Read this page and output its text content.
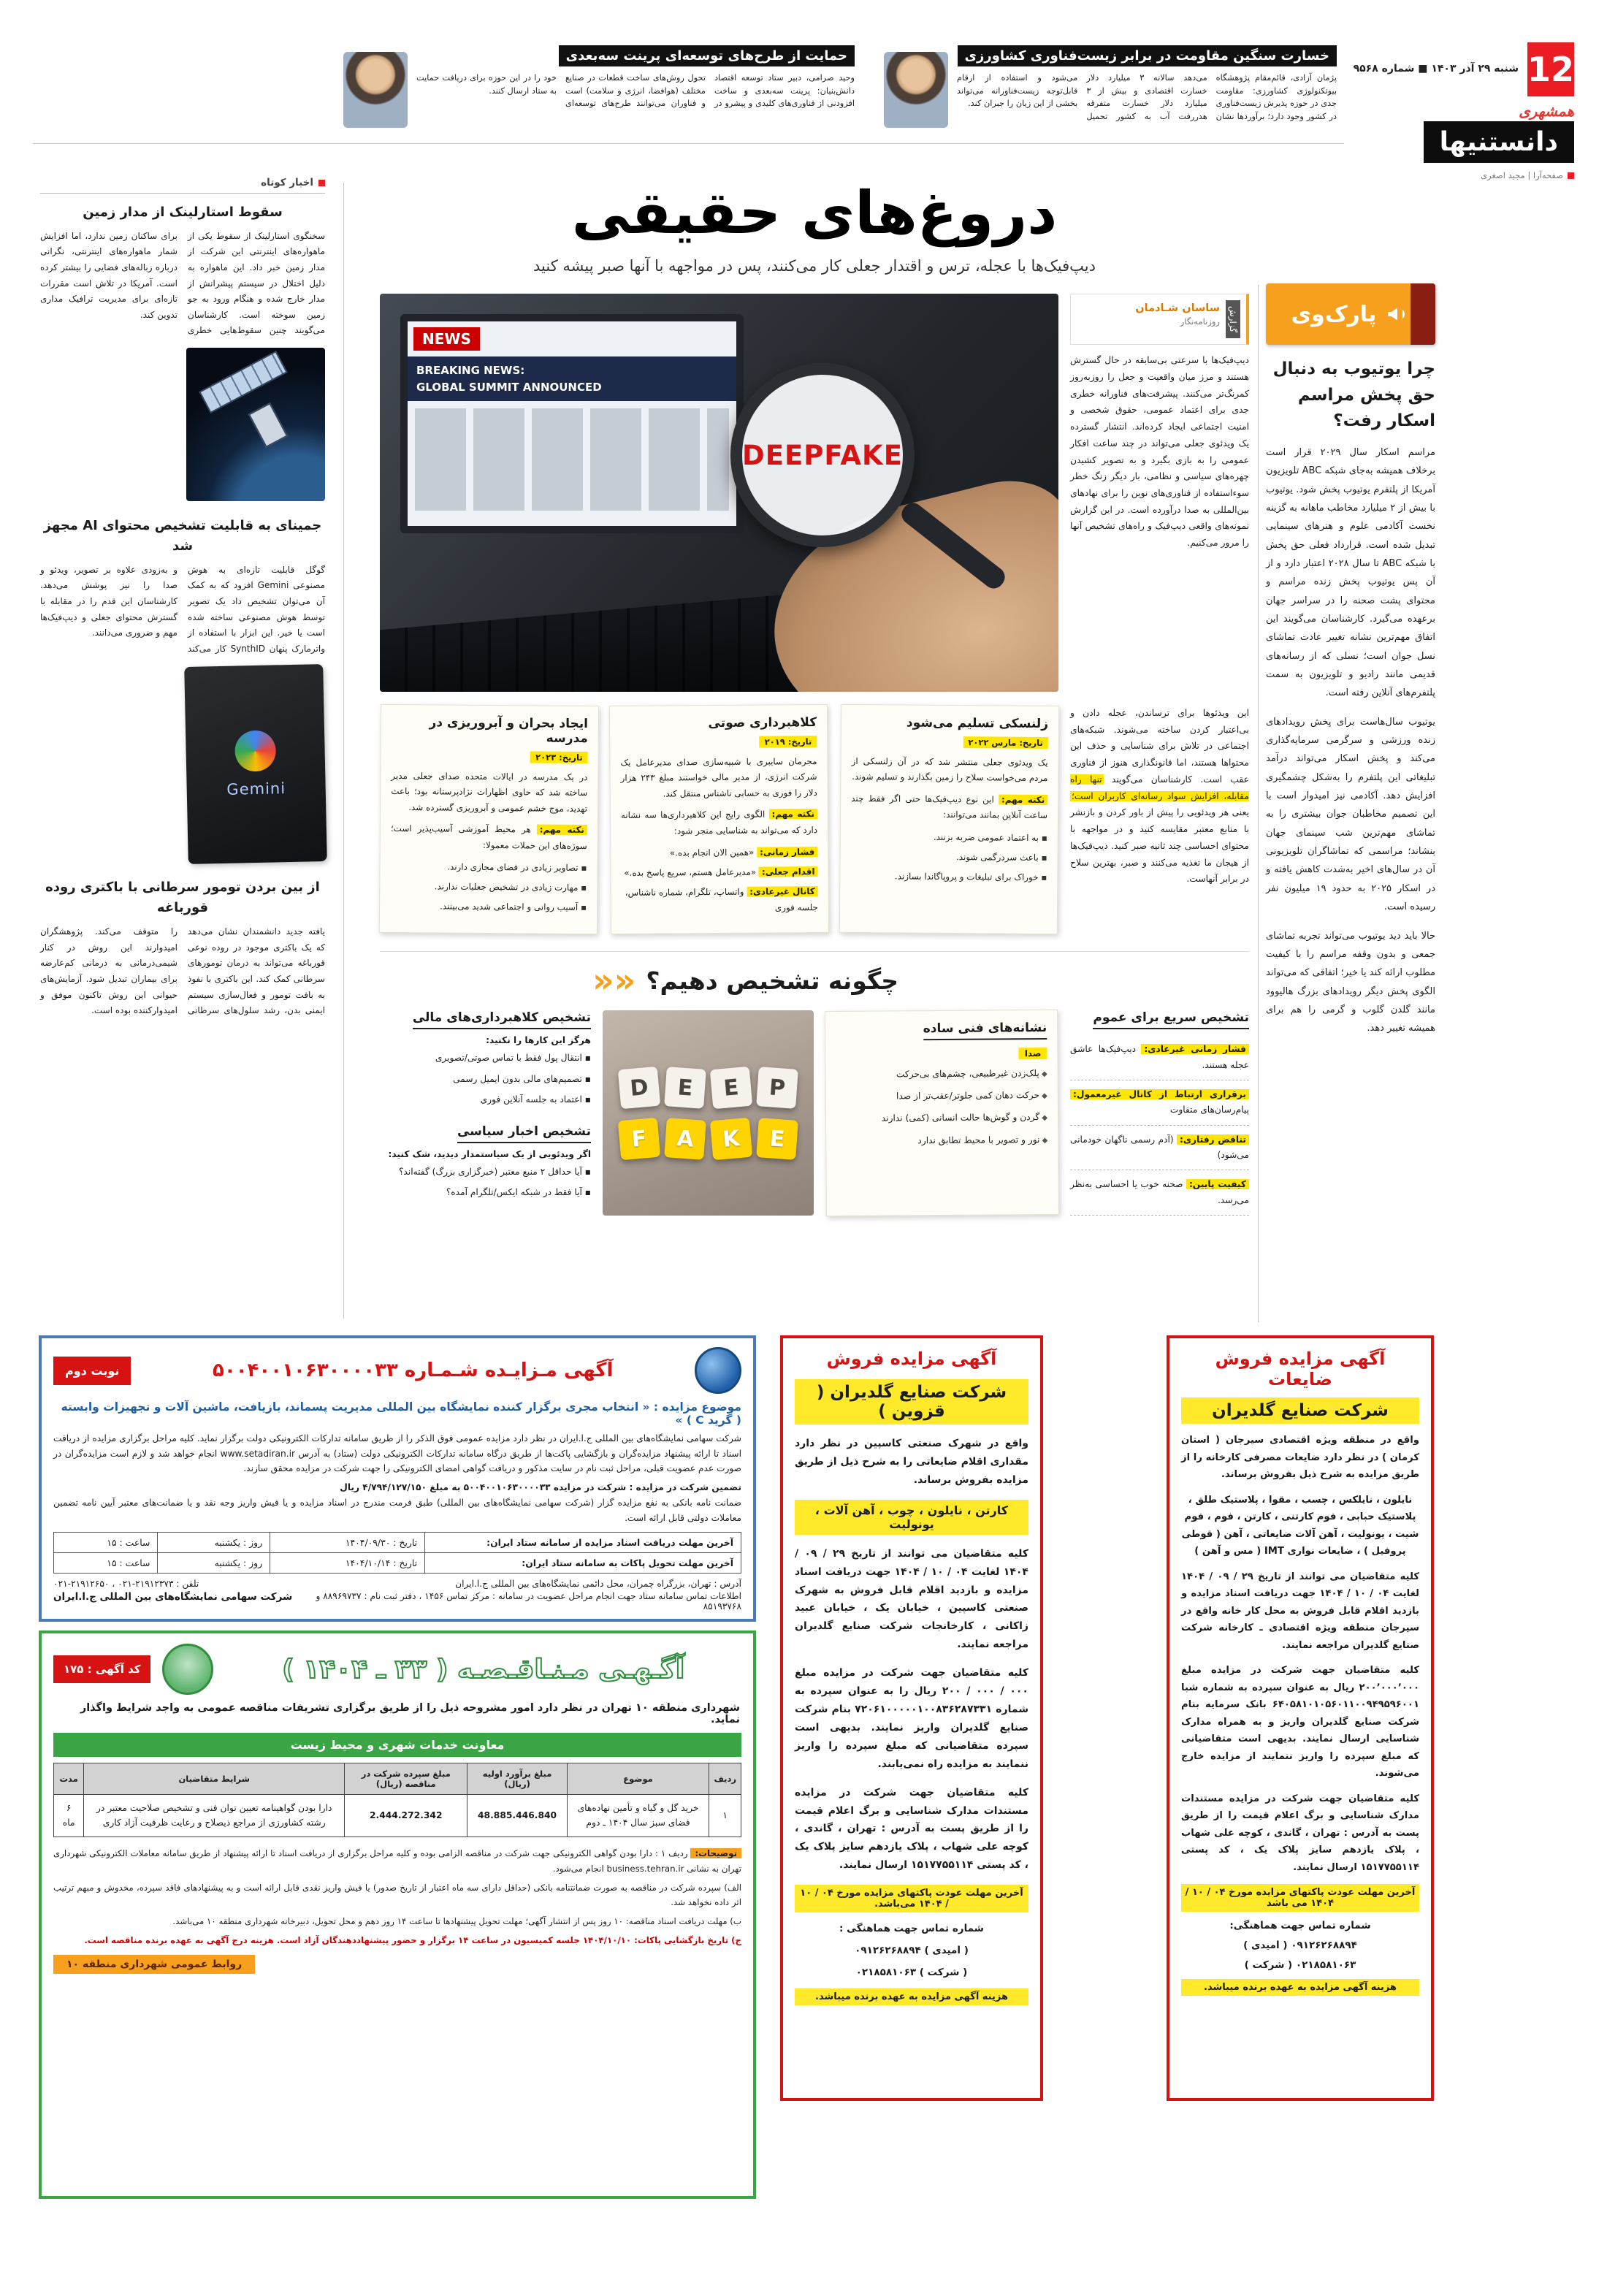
12
شنبه ۲۹ آذر ۱۴۰۳ ■ شماره ۹۵۶۸
همشهری
دانستنیها
صفحه‌آرا | مجید اصغری
خسارت سنگین مقاومت در برابر زیست‌فناوری کشاورزی
پژمان آزادی، قائم‌مقام پژوهشگاه بیوتکنولوژی کشاورزی: مقاومت جدی در حوزه پذیرش زیست‌فناوری در کشور وجود دارد؛ برآوردها نشان می‌دهد سالانه ۳ میلیارد دلار خسارت اقتصادی و بیش از ۳ میلیارد دلار خسارت متفرقه هدررفت آب به کشور تحمیل می‌شود و استفاده از ارقام قابل‌توجه زیست‌فناورانه می‌تواند بخشی از این زیان را جبران کند.
حمایت از طرح‌های توسعه‌ای پرینت سه‌بعدی
وحید صرامی، دبیر ستاد توسعه اقتصاد دانش‌بنیان: پرینت سه‌بعدی و ساخت افزودنی از فناوری‌های کلیدی و پیشرو در تحول روش‌های ساخت قطعات در صنایع مختلف (هوافضا، انرژی و سلامت) است و فناوران می‌توانند طرح‌های توسعه‌ای خود را در این حوزه برای دریافت حمایت به ستاد ارسال کنند.
پارک‌وی
چرا یوتیوب به دنبال حق پخش مراسم اسکار رفت؟

مراسم اسکار سال ۲۰۲۹ قرار است برخلاف همیشه به‌جای شبکه ABC تلویزیون آمریکا از پلتفرم یوتیوب پخش شود. یوتیوب با بیش از ۲ میلیارد مخاطب ماهانه به گزینه نخست آکادمی علوم و هنرهای سینمایی تبدیل شده است. قرارداد فعلی حق پخش با شبکه ABC تا سال ۲۰۲۸ اعتبار دارد و از آن پس یوتیوب پخش زنده مراسم و محتوای پشت صحنه را در سراسر جهان برعهده می‌گیرد. کارشناسان می‌گویند این اتفاق مهم‌ترین نشانه تغییر عادت تماشای نسل جوان است؛ نسلی که از رسانه‌های قدیمی مانند رادیو و تلویزیون به سمت پلتفرم‌های آنلاین رفته است.

یوتیوب سال‌هاست برای پخش رویدادهای زنده ورزشی و سرگرمی سرمایه‌گذاری می‌کند و پخش اسکار می‌تواند درآمد تبلیغاتی این پلتفرم را به‌شکل چشمگیری افزایش دهد. آکادمی نیز امیدوار است با این تصمیم مخاطبان جوان بیشتری را به تماشای مهم‌ترین شب سینمای جهان بنشاند؛ مراسمی که تماشاگران تلویزیونی آن در سال‌های اخیر به‌شدت کاهش یافته و در اسکار ۲۰۲۵ به حدود ۱۹ میلیون نفر رسیده است.

حالا باید دید یوتیوب می‌تواند تجربه تماشای جمعی و بدون وقفه مراسم را با کیفیت مطلوب ارائه کند یا خیر؛ اتفاقی که می‌تواند الگوی پخش دیگر رویدادهای بزرگ هالیوود مانند گلدن گلوب و گرمی را هم برای همیشه تغییر دهد.

دروغ‌های حقیقی
دیپ‌فیک‌ها با عجله، ترس و اقتدار جعلی کار می‌کنند، پس در مواجهه با آنها صبر پیشه کنید
گزارش
ساسان شـادمان
روزنامه‌نگار

دیپ‌فیک‌ها با سرعتی بی‌سابقه در حال گسترش هستند و مرز میان واقعیت و جعل را روزبه‌روز کمرنگ‌تر می‌کنند. پیشرفت‌های فناورانه خطری جدی برای اعتماد عمومی، حقوق شخصی و امنیت اجتماعی ایجاد کرده‌اند. انتشار گسترده یک ویدئوی جعلی می‌تواند در چند ساعت افکار عمومی را به بازی بگیرد و به تصویر کشیدن چهره‌های سیاسی و نظامی، بار دیگر زنگ خطر سوءاستفاده از فناوری‌های نوین را برای نهادهای بین‌المللی به صدا درآورده است. در این گزارش نمونه‌های واقعی دیپ‌فیک و راه‌های تشخیص آنها را مرور می‌کنیم.

NEWS
BREAKING NEWS:
GLOBAL SUMMIT ANNOUNCED
DEEPFAKE

این ویدئوها برای ترساندن، عجله دادن و بی‌اعتبار کردن ساخته می‌شوند. شبکه‌های اجتماعی در تلاش برای شناسایی و حذف این محتواها هستند، اما قانونگذاری هنوز از فناوری عقب است. کارشناسان می‌گویند تنها راه مقابله، افزایش سواد رسانه‌ای کاربران است؛ یعنی هر ویدئویی را پیش از باور کردن و بازنشر با منابع معتبر مقایسه کنید و در مواجهه با محتوای احساسی چند ثانیه صبر کنید. دیپ‌فیک‌ها از هیجان ما تغذیه می‌کنند و صبر، بهترین سلاح در برابر آنهاست.

زلنسکی تسلیم می‌شود
تاریخ: مارس ۲۰۲۲

یک ویدئوی جعلی منتشر شد که در آن زلنسکی از مردم می‌خواست سلاح را زمین بگذارند و تسلیم شوند.

نکته مهم: این نوع دیپ‌فیک‌ها حتی اگر فقط چند ساعت آنلاین بمانند می‌توانند:

▪ به اعتماد عمومی ضربه بزنند.
▪ باعث سردرگمی شوند.
▪ خوراک برای تبلیغات و پروپاگاندا بسازند.
کلاهبرداری صوتی
تاریخ: ۲۰۱۹

مجرمان سایبری با شبیه‌سازی صدای مدیرعامل یک شرکت انرژی، از مدیر مالی خواستند مبلغ ۲۴۳ هزار دلار را فوری به حسابی ناشناس منتقل کند.

نکته مهم: الگوی رایج این کلاهبرداری‌ها سه نشانه دارد که می‌تواند به شناسایی منجر شود:

فشار زمانی: «همین الان انجام بده.»
اقدام جعلی: «مدیرعامل هستم، سریع پاسخ بده.»
کانال غیرعادی: واتساپ، تلگرام، شماره ناشناس، جلسه فوری
ایجاد بحران و آبروریزی در مدرسه
تاریخ: ۲۰۲۳

در یک مدرسه در ایالات متحده صدای جعلی مدیر ساخته شد که حاوی اظهارات نژادپرستانه بود؛ باعث تهدید، موج خشم عمومی و آبروریزی گسترده شد.

نکته مهم: هر محیط آموزشی آسیب‌پذیر است؛ سوژه‌های این حملات معمولا:

▪ تصاویر زیادی در فضای مجازی دارند.
▪ مهارت زیادی در تشخیص جعلیات ندارند.
▪ آسیب روانی و اجتماعی شدید می‌بینند.
چگونه تشخیص دهیم؟
««
تشخیص سریع برای عموم
فشار زمانی غیرعادی: دیپ‌فیک‌ها عاشق عجله هستند.
برقراری ارتباط از کانال غیرمعمول: پیام‌رسان‌های متفاوت
تناقض رفتاری: (آدم رسمی ناگهان خودمانی می‌شود)
کیفیت پایین: صحنه خوب یا احساسی به‌نظر می‌رسد.
نشانه‌های فنی ساده
صدا
◆ پلک‌زدن غیرطبیعی، چشم‌های بی‌حرکت
◆ حرکت دهان کمی جلوتر/عقب‌تر از صدا
◆ گردن و گوش‌ها حالت انسانی (کمی) ندارند
◆ نور و تصویر با محیط تطابق ندارد
D	E	E	P
F	A	K	E
تشخیص کلاهبرداری‌های مالی
هرگز این کارها را نکنید:
▪ انتقال پول فقط با تماس صوتی/تصویری
▪ تصمیم‌های مالی بدون ایمیل رسمی
▪ اعتماد به جلسه آنلاین فوری
تشخیص اخبار سیاسی
اگر ویدئویی از یک سیاستمدار دیدید، شک کنید:
▪ آیا حداقل ۲ منبع معتبر (خبرگزاری بزرگ) گفته‌اند؟
▪ آیا فقط در شبکه ایکس/تلگرام آمده؟
اخبار کوتاه
سقوط استارلینک از مدار زمین
سخنگوی استارلینک از سقوط یکی از ماهواره‌های اینترنتی این شرکت از مدار زمین خبر داد. این ماهواره به دلیل اختلال در سیستم پیشرانش از مدار خارج شده و هنگام ورود به جو زمین سوخته است. کارشناسان می‌گویند چنین سقوط‌هایی خطری برای ساکنان زمین ندارد، اما افزایش شمار ماهواره‌های اینترنتی، نگرانی درباره زباله‌های فضایی را بیشتر کرده است. آمریکا در تلاش است مقررات تازه‌ای برای مدیریت ترافیک مداری تدوین کند.
جمینای به قابلیت تشخیص محتوای AI مجهز شد
گوگل قابلیت تازه‌ای به هوش مصنوعی Gemini افزود که به کمک آن می‌توان تشخیص داد یک تصویر توسط هوش مصنوعی ساخته شده است یا خیر. این ابزار با استفاده از واترمارک پنهان SynthID کار می‌کند و به‌زودی علاوه بر تصویر، ویدئو و صدا را نیز پوشش می‌دهد. کارشناسان این قدم را در مقابله با گسترش محتوای جعلی و دیپ‌فیک‌ها مهم و ضروری می‌دانند.
Gemini
از بین بردن تومور سرطانی با باکتری روده قورباغه
یافته جدید دانشمندان نشان می‌دهد که یک باکتری موجود در روده نوعی قورباغه می‌تواند به درمان تومورهای سرطانی کمک کند. این باکتری با نفوذ به بافت تومور و فعال‌سازی سیستم ایمنی بدن، رشد سلول‌های سرطانی را متوقف می‌کند. پژوهشگران امیدوارند این روش در کنار شیمی‌درمانی به درمانی کم‌عارضه برای بیماران تبدیل شود. آزمایش‌های حیوانی این روش تاکنون موفق و امیدوارکننده بوده است.
آگهی مزایده فروش ضایعات
شرکت صنایع گلدیران

واقع در منطقه ویژه اقتصادی سیرجان ( استان کرمان ) در نظر دارد ضایعات مصرفی کارخانه را از طریق مزایده به شرح ذیل بفروش برساند.

نایلون ، نایلکس ، چسب ، مقوا ، پلاستیک طلق ، پلاستیک حبابی ، فوم کارتنی ، کارتن ، فوم ، فوم شیت ، یونولیت ، آهن آلات ضایعاتی ، آهن ( قوطی پروفیل ) ، ضایعات نواری IMT ( مس و آهن )

کلیه متقاضیان می توانند از تاریخ ۲۹ / ۰۹ / ۱۴۰۴ لغایت ۰۴ / ۱۰ / ۱۴۰۴ جهت دریافت اسناد مزایده و بازدید اقلام قابل فروش به محل کار خانه واقع در سیرجان منطقه ویژه اقتصادی ـ کارخانه شرکت صنایع گلدیران مراجعه نمایند.

کلیه متقاضیان جهت شرکت در مزایده مبلغ ۲۰۰٬۰۰۰٬۰۰۰ ریال به عنوان سپرده به شماره شبا ۶۴۰۵۸۱۰۱۰۵۶۰۱۱۰۰۹۴۹۵۹۶۰۰۱ بانک سرمایه بنام شرکت صنایع گلدیران واریز و به همراه مدارک شناسایی ارسال نمایند. بدیهی است متقاضیانی که مبلغ سپرده را واریز ننمایند از مزایده خارج می‌شوند.

کلیه متقاضیان جهت شرکت در مزایده مستندات مدارک شناسایی و برگ اعلام قیمت را از طریق پست به آدرس : تهران ، گاندی ، کوچه علی شهاب ، پلاک یازدهم سایز پلاک یک ، کد پستی ۱۵۱۷۷۵۵۱۱۴ ارسال نمایند.

آخرین مهلت عودت پاکتهای مزایده مورخ ۰۴ / ۱۰ / ۱۴۰۴ می باشد
شماره تماس جهت هماهنگی:
۰۹۱۲۶۲۶۸۸۹۴ ( امیدی )
۰۲۱۸۵۸۱۰۶۳ ( شرکت )
هزینه آگهی مزایده به عهده برنده میباشد.
آگهی مزایده فروش
شرکت صنایع گلدیران ( قزوین )

واقع در شهرک صنعتی کاسپین در نظر دارد مقداری اقلام ضایعاتی را به شرح ذیل از طریق مزایده بفروش برساند.

کارتن ، نایلون ، چوب ، آهن آلات ، یونولیت

کلیه متقاضیان می توانند از تاریخ ۲۹ / ۰۹ / ۱۴۰۴ لغایت ۰۴ / ۱۰ / ۱۴۰۴ جهت دریافت اسناد مزایده و بازدید اقلام قابل فروش به شهرک صنعتی کاسپین ، خیابان یک ، خیابان عبید زاکانی ، کارخانجات شرکت صنایع گلدیران مراجعه نمایند.

کلیه متقاضیان جهت شرکت در مزایده مبلغ ۰۰۰ / ۰۰۰ / ۲۰۰ ریال را به عنوان سپرده به شماره ۷۲۰۶۱۰۰۰۰۰۱۰۰۸۳۶۲۸۷۳۳۱ بنام شرکت صنایع گلدیران واریز نمایند. بدیهی است سپرده متقاضیانی که مبلغ سپرده را واریز ننمایند به مزایده راه نمی‌یابند.

کلیه متقاضیان جهت شرکت در مزایده مستندات مدارک شناسایی و برگ اعلام قیمت را از طریق پست به آدرس : تهران ، گاندی ، کوچه علی شهاب ، پلاک یازدهم سایز پلاک یک ، کد پستی ۱۵۱۷۷۵۵۱۱۴ ارسال نمایند.

آخرین مهلت عودت پاکتهای مزایده مورخ ۰۴ / ۱۰ / ۱۴۰۴ می‌باشد.
شماره تماس جهت هماهنگی :
( امیدی ) ۰۹۱۲۶۲۶۸۸۹۴
( شرکت ) ۰۲۱۸۵۸۱۰۶۳
هزینه آگهی مزایده به عهده برنده میباشد.
آگهی مـزایـده شـمـاره ۵۰۰۴۰۰۱۰۶۳۰۰۰۰۳۳
نوبت دوم
موضوع مزایده : « انتخاب مجری برگزار کننده نمایشگاه بین المللی مدیریت پسماند، بازیافت، ماشین آلات و تجهیزات وابسته ( گرید C ) »

شرکت سهامی نمایشگاه‌های بین المللی ج.ا.ایران در نظر دارد مزایده عمومی فوق الذکر را از طریق سامانه تدارکات الکترونیکی دولت برگزار نماید. کلیه مراحل برگزاری مزایده از دریافت اسناد تا ارائه پیشنهاد مزایده‌گران و بازگشایی پاکت‌ها از طریق درگاه سامانه تدارکات الکترونیکی دولت (ستاد) به آدرس www.setadiran.ir انجام خواهد شد و لازم است مزایده‌گران در صورت عدم عضویت قبلی، مراحل ثبت نام در سایت مذکور و دریافت گواهی امضای الکترونیکی را جهت شرکت در مزایده محقق سازند.

تضمین شرکت در مزایده : شرکت در مزایده ۵۰۰۴۰۰۱۰۶۳۰۰۰۰۳۳ به مبلغ ۴/۷۹۴/۱۲۷/۱۵۰ ریال

ضمانت نامه بانکی به نفع مزایده گزار (شرکت سهامی نمایشگاه‌های بین المللی) طبق فرمت مندرج در اسناد مزایده و یا فیش واریز وجه نقد و یا ضمانت‌های معتبر آیین نامه تضمین معاملات دولتی قابل ارائه است.

آخرین مهلت دریافت اسناد مزایده از سامانه ستاد ایران:	تاریخ : ۱۴۰۴/۰۹/۳۰	روز : یکشنبه	ساعت : ۱۵
آخرین مهلت تحویل پاکات به سامانه ستاد ایران:	تاریخ : ۱۴۰۴/۱۰/۱۴	روز : یکشنبه	ساعت : ۱۵
آدرس : تهران، بزرگراه چمران، محل دائمی نمایشگاه‌های بین المللی ج.ا.ایران
تلفن : ۲۱۹۱۲۳۷۳-۰۲۱ ، ۲۱۹۱۲۶۵۰-۰۲۱
اطلاعات تماس سامانه ستاد جهت انجام مراحل عضویت در سامانه : مرکز تماس ۱۴۵۶ ، دفتر ثبت نام : ۸۸۹۶۹۷۳۷ و ۸۵۱۹۳۷۶۸
شرکت سهامی نمایشگاه‌های بین المللی ج.ا.ایران
آگـهـی مـنـاقـصـه ( ۳۳ ـ ۱۴۰۴ )
کد آگهی : ۱۷۵
شهرداری منطقه ۱۰ تهران در نظر دارد امور مشروحه ذیل را از طریق برگزاری تشریفات مناقصه عمومی به واجد شرایط واگذار نماید.
معاونت خدمات شهری و محیط زیست
ردیف	موضوع	مبلغ برآورد اولیه (ریال)	مبلغ سپرده شرکت در مناقصه (ریال)	شرایط متقاضیان	مدت
۱	خرید گل و گیاه و تأمین نهاده‌های فضای سبز سال ۱۴۰۴ ـ دوم	48.885.446.840	2.444.272.342	دارا بودن گواهینامه تعیین توان فنی و تشخیص صلاحیت معتبر در رشته کشاورزی از مراجع ذیصلاح و رعایت ظرفیت آزاد کاری	۶ ماه

توضیحات: ردیف ۱ : دارا بودن گواهی الکترونیکی جهت شرکت در مناقصه الزامی بوده و کلیه مراحل برگزاری از دریافت اسناد تا ارائه پیشنهاد از طریق سامانه معاملات الکترونیکی شهرداری تهران به نشانی business.tehran.ir انجام می‌شود.

الف) سپرده شرکت در مناقصه به صورت ضمانتنامه بانکی (حداقل دارای سه ماه اعتبار از تاریخ صدور) یا فیش واریز نقدی قابل ارائه است و به پیشنهادهای فاقد سپرده، مخدوش و مبهم ترتیب اثر داده نخواهد شد.

ب) مهلت دریافت اسناد مناقصه: ۱۰ روز پس از انتشار آگهی؛ مهلت تحویل پیشنهادها تا ساعت ۱۴ روز دهم و محل تحویل، دبیرخانه شهرداری منطقه ۱۰ می‌باشد.

ج) تاریخ بازگشایی پاکات: ۱۴۰۴/۱۰/۱۰ جلسه کمیسیون در ساعت ۱۴ برگزار و حضور پیشنهاددهندگان آزاد است. هزینه درج آگهی به عهده برنده مناقصه است.

روابط عمومی شهرداری منطقه ۱۰
